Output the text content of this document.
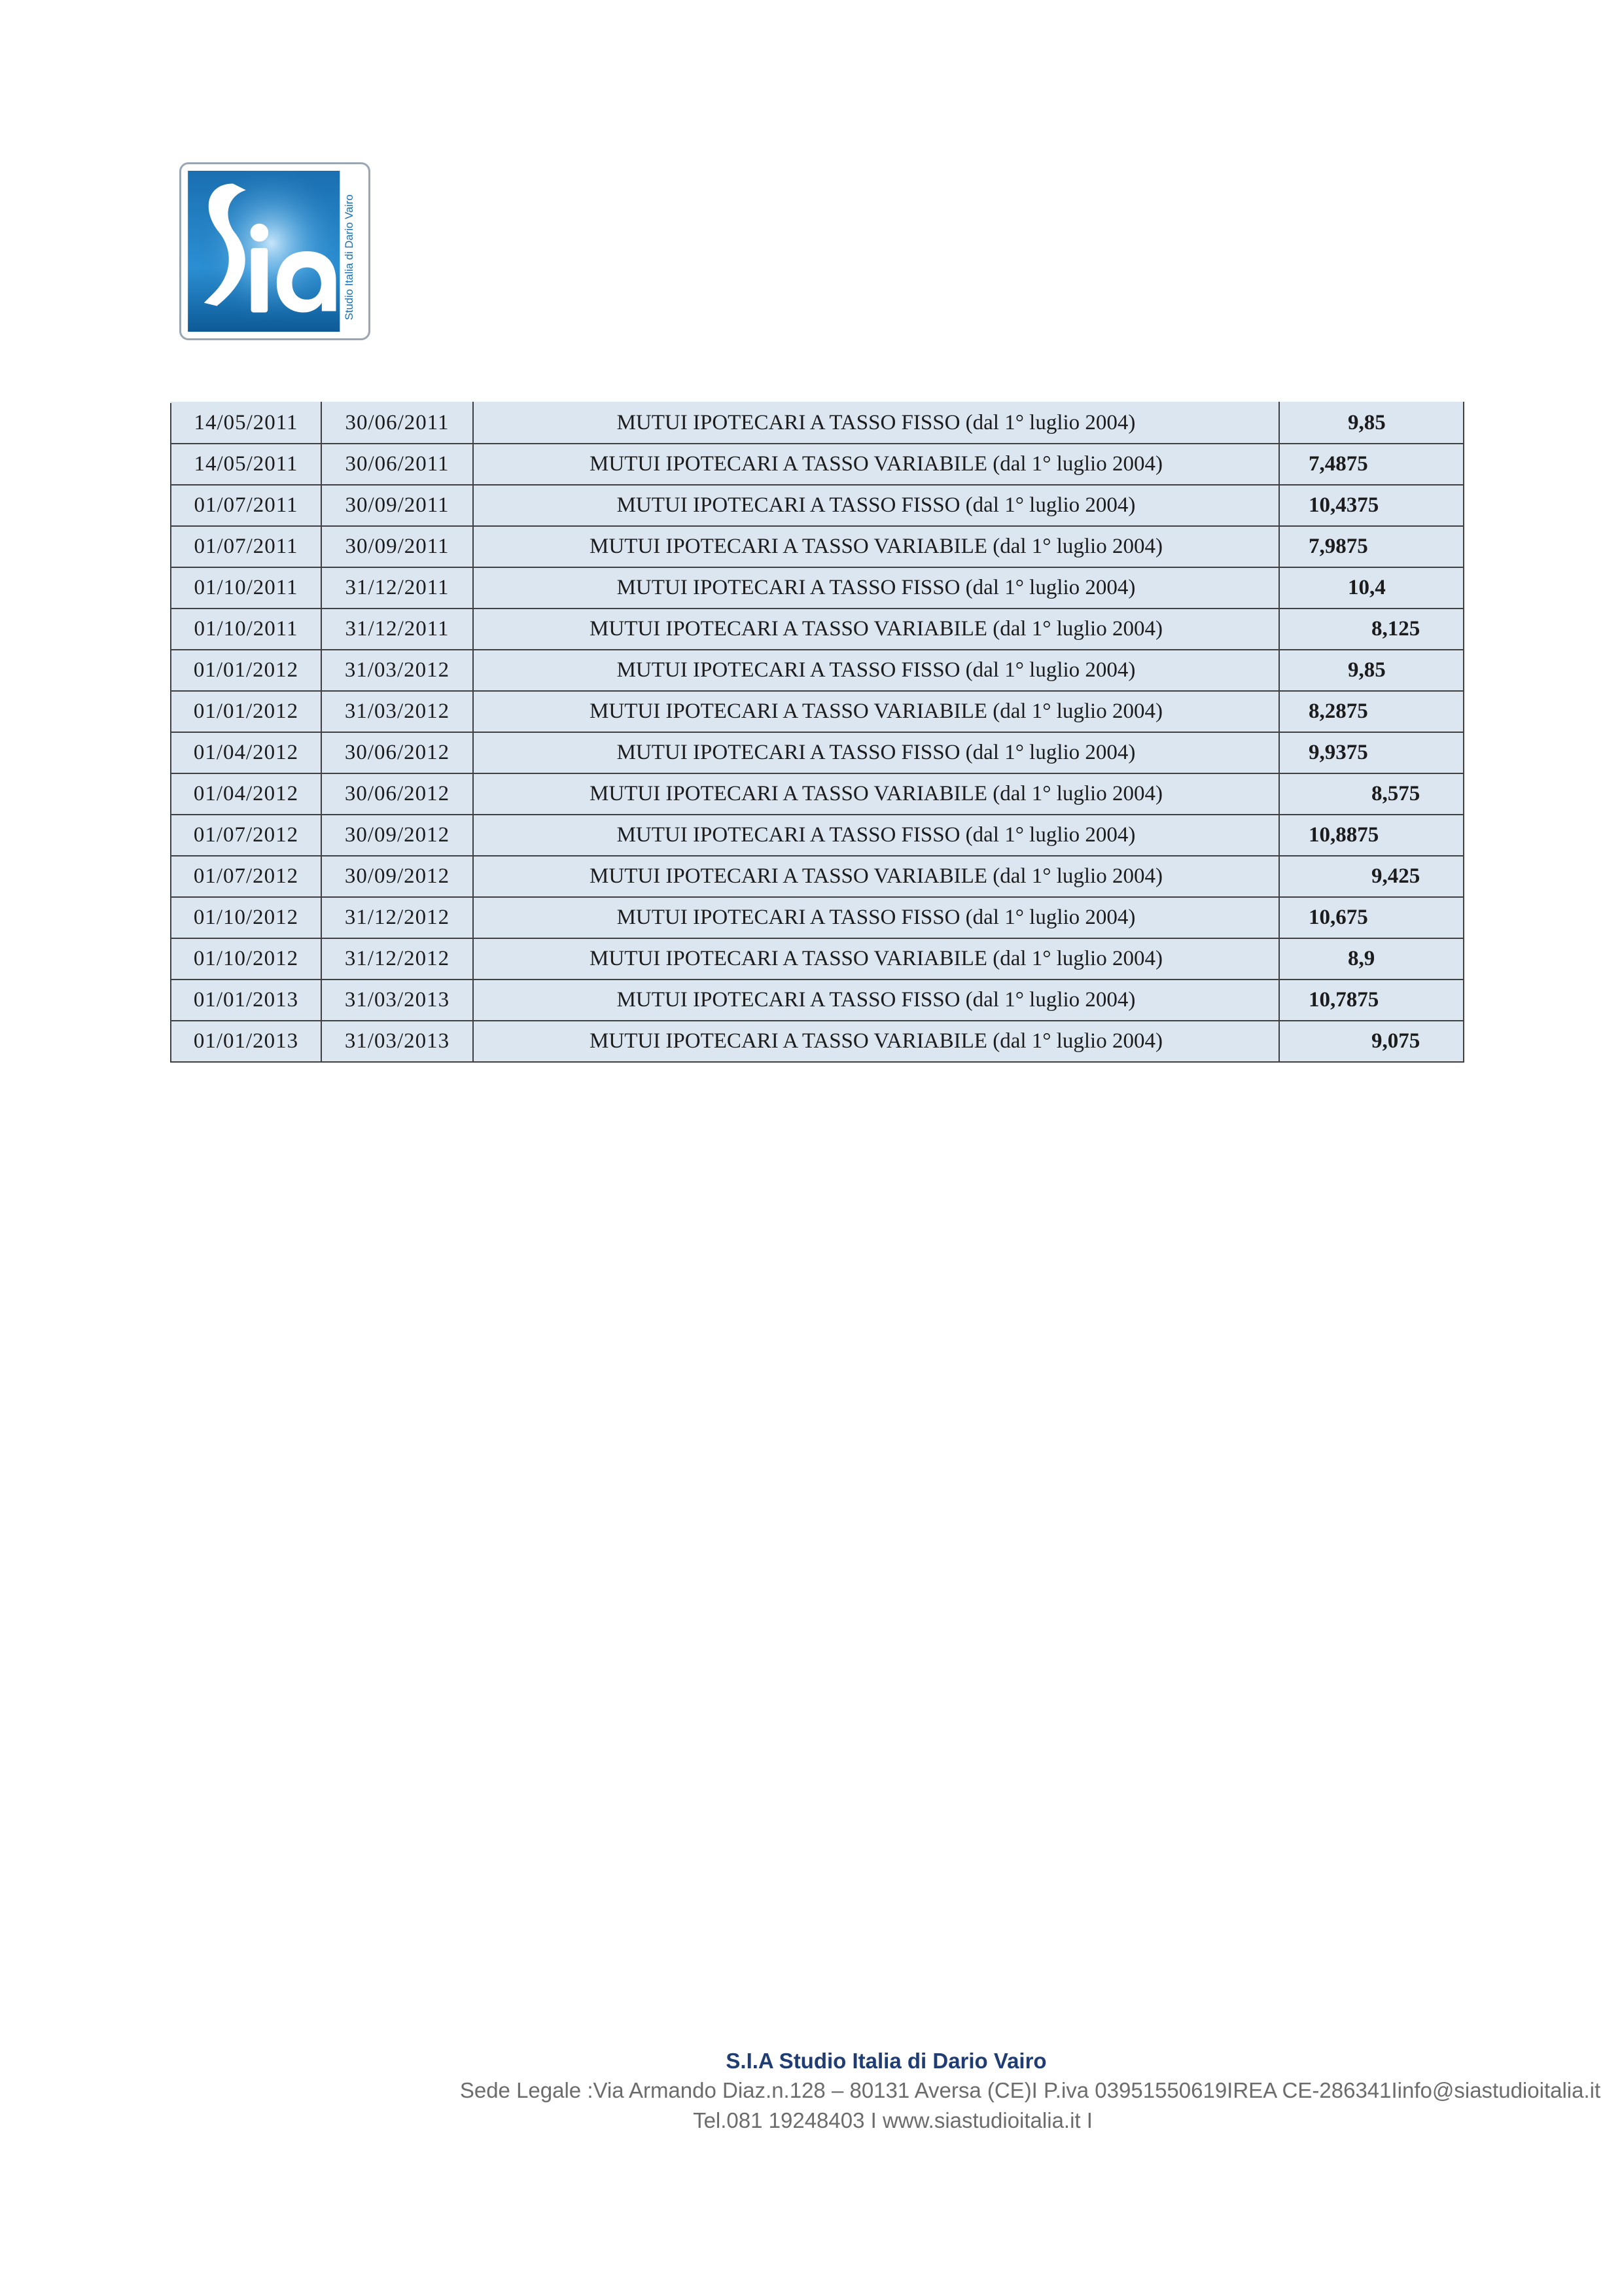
Studio Italia di Dario Vairo
14/05/2011	30/06/2011	MUTUI IPOTECARI A TASSO FISSO (dal 1° luglio 2004)	9,85
14/05/2011	30/06/2011	MUTUI IPOTECARI A TASSO VARIABILE (dal 1° luglio 2004)	7,4875
01/07/2011	30/09/2011	MUTUI IPOTECARI A TASSO FISSO (dal 1° luglio 2004)	10,4375
01/07/2011	30/09/2011	MUTUI IPOTECARI A TASSO VARIABILE (dal 1° luglio 2004)	7,9875
01/10/2011	31/12/2011	MUTUI IPOTECARI A TASSO FISSO (dal 1° luglio 2004)	10,4
01/10/2011	31/12/2011	MUTUI IPOTECARI A TASSO VARIABILE (dal 1° luglio 2004)	8,125
01/01/2012	31/03/2012	MUTUI IPOTECARI A TASSO FISSO (dal 1° luglio 2004)	9,85
01/01/2012	31/03/2012	MUTUI IPOTECARI A TASSO VARIABILE (dal 1° luglio 2004)	8,2875
01/04/2012	30/06/2012	MUTUI IPOTECARI A TASSO FISSO (dal 1° luglio 2004)	9,9375
01/04/2012	30/06/2012	MUTUI IPOTECARI A TASSO VARIABILE (dal 1° luglio 2004)	8,575
01/07/2012	30/09/2012	MUTUI IPOTECARI A TASSO FISSO (dal 1° luglio 2004)	10,8875
01/07/2012	30/09/2012	MUTUI IPOTECARI A TASSO VARIABILE (dal 1° luglio 2004)	9,425
01/10/2012	31/12/2012	MUTUI IPOTECARI A TASSO FISSO (dal 1° luglio 2004)	10,675
01/10/2012	31/12/2012	MUTUI IPOTECARI A TASSO VARIABILE (dal 1° luglio 2004)	8,9
01/01/2013	31/03/2013	MUTUI IPOTECARI A TASSO FISSO (dal 1° luglio 2004)	10,7875
01/01/2013	31/03/2013	MUTUI IPOTECARI A TASSO VARIABILE (dal 1° luglio 2004)	9,075
S.I.A Studio Italia di Dario Vairo
Sede Legale :Via Armando Diaz.n.128 – 80131 Aversa (CE)I P.iva 03951550619IREA CE-286341Iinfo@siastudioitalia.it
Tel.081 19248403 I www.siastudioitalia.it I
